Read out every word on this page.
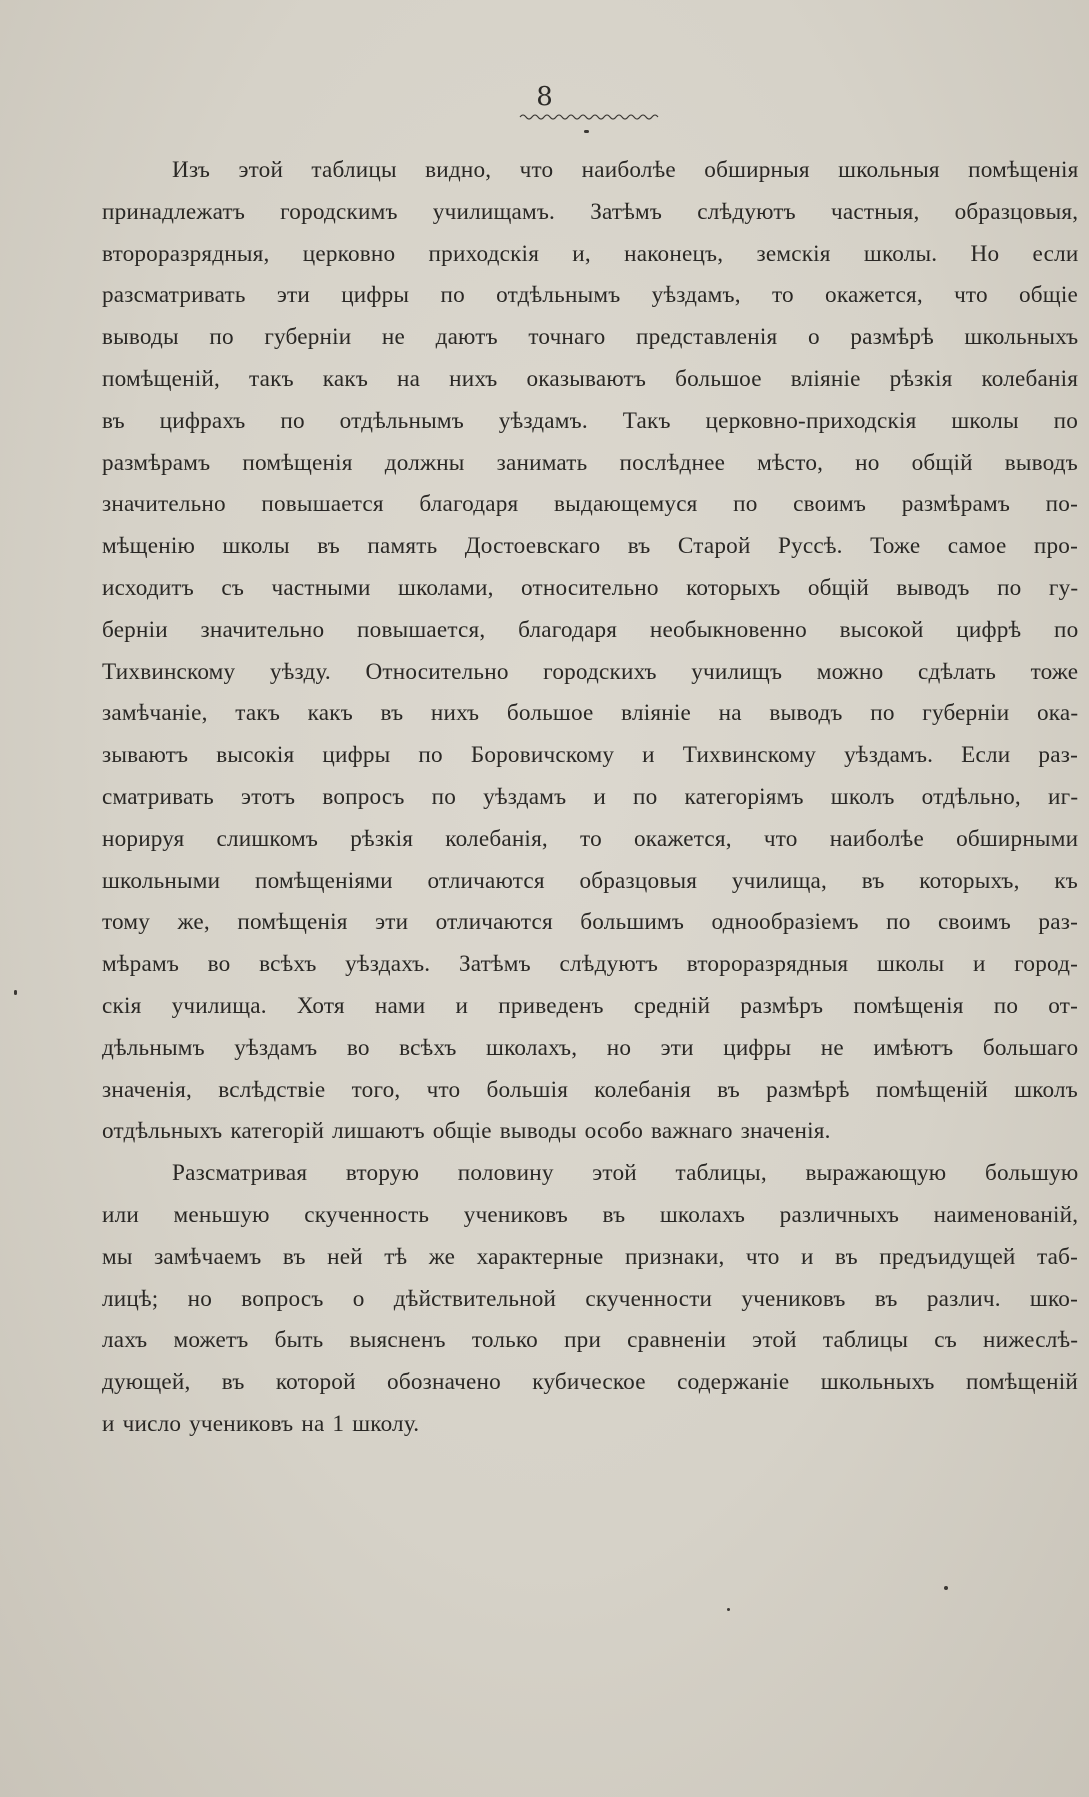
8
Изъ этой таблицы видно, что наиболѣе обширныя школьныя помѣщенія
принадлежатъ городскимъ училищамъ. Затѣмъ слѣдуютъ частныя, образцовыя,
второразрядныя, церковно приходскія и, наконецъ, земскія школы. Но если
разсматривать эти цифры по отдѣльнымъ уѣздамъ, то окажется, что общіе
выводы по губерніи не даютъ точнаго представленія о размѣрѣ школьныхъ
помѣщеній, такъ какъ на нихъ оказываютъ большое вліяніе рѣзкія колебанія
въ цифрахъ по отдѣльнымъ уѣздамъ. Такъ церковно-приходскія школы по
размѣрамъ помѣщенія должны занимать послѣднее мѣсто, но общій выводъ
значительно повышается благодаря выдающемуся по своимъ размѣрамъ по-
мѣщенію школы въ память Достоевскаго въ Старой Руссѣ. Тоже самое про-
исходитъ съ частными школами, относительно которыхъ общій выводъ по гу-
берніи значительно повышается, благодаря необыкновенно высокой цифрѣ по
Тихвинскому уѣзду. Относительно городскихъ училищъ можно сдѣлать тоже
замѣчаніе, такъ какъ въ нихъ большое вліяніе на выводъ по губерніи ока-
зываютъ высокія цифры по Боровичскому и Тихвинскому уѣздамъ. Если раз-
сматривать этотъ вопросъ по уѣздамъ и по категоріямъ школъ отдѣльно, иг-
норируя слишкомъ рѣзкія колебанія, то окажется, что наиболѣе обширными
школьными помѣщеніями отличаются образцовыя училища, въ которыхъ, къ
тому же, помѣщенія эти отличаются большимъ однообразіемъ по своимъ раз-
мѣрамъ во всѣхъ уѣздахъ. Затѣмъ слѣдуютъ второразрядныя школы и город-
скія училища. Хотя нами и приведенъ средній размѣръ помѣщенія по от-
дѣльнымъ уѣздамъ во всѣхъ школахъ, но эти цифры не имѣютъ большаго
значенія, вслѣдствіе того, что большія колебанія въ размѣрѣ помѣщеній школъ
отдѣльныхъ категорій лишаютъ общіе выводы особо важнаго значенія.
Разсматривая вторую половину этой таблицы, выражающую большую
или меньшую скученность учениковъ въ школахъ различныхъ наименованій,
мы замѣчаемъ въ ней тѣ же характерные признаки, что и въ предъидущей таб-
лицѣ; но вопросъ о дѣйствительной скученности учениковъ въ различ. шко-
лахъ можетъ быть выясненъ только при сравненіи этой таблицы съ нижеслѣ-
дующей, въ которой обозначено кубическое содержаніе школьныхъ помѣщеній
и число учениковъ на 1 школу.
